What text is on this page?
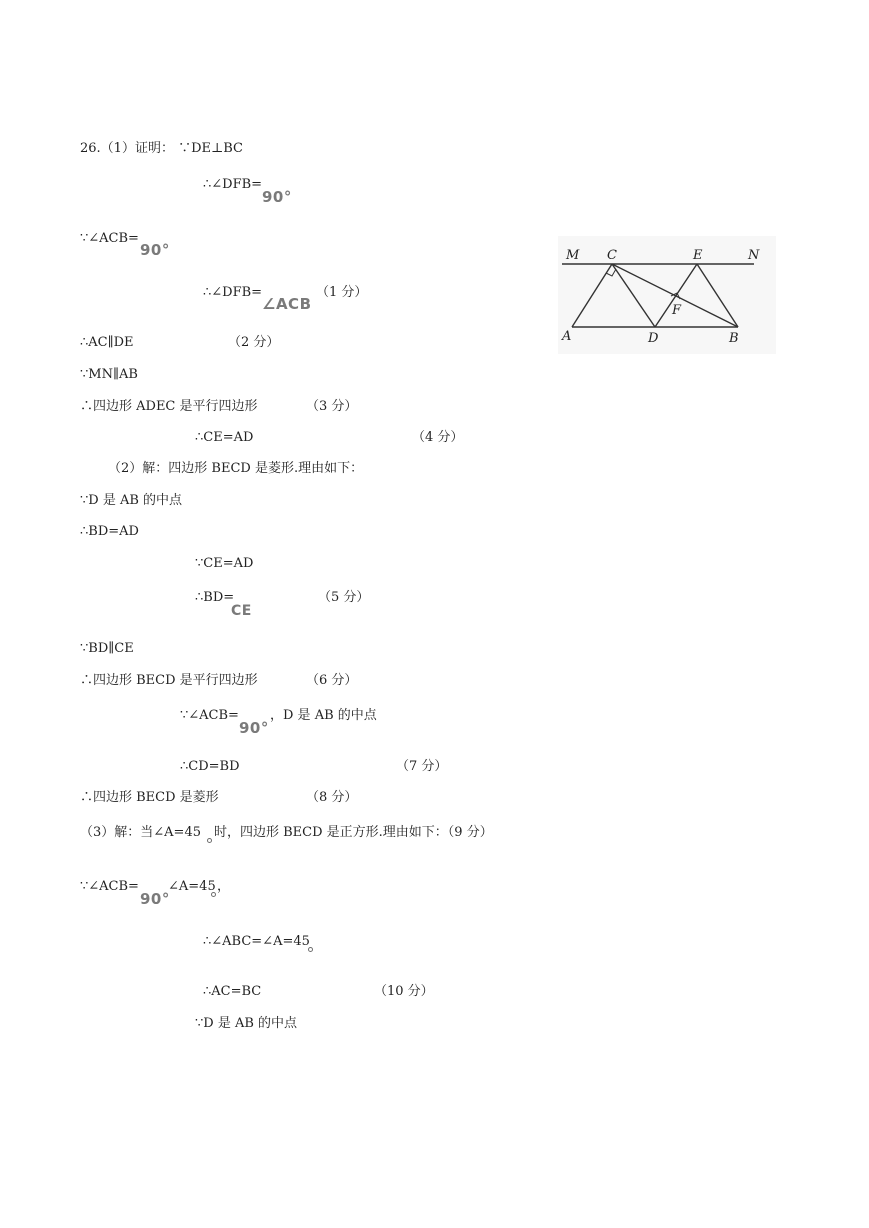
26.（1）证明： ∵DE⊥BC
∴∠DFB=
90°
∵∠ACB=
90°
∴∠DFB=
∠ACB
（1 分）
∴AC∥DE	（2 分）
∵MN∥AB
∴四边形 ADEC 是平行四边形	（3 分）
∴CE=AD	（4 分）
（2）解：四边形 BECD 是菱形.理由如下：
∵D 是 AB 的中点
∴BD=AD
∵CE=AD
∴BD=
CE
（5 分）
∵BD∥CE
∴四边形 BECD 是平行四边形	（6 分）
∵∠ACB=
90°
，D 是 AB 的中点
∴CD=BD	（7 分）
∴四边形 BECD 是菱形	（8 分）
（3）解：当∠A=45 时，四边形 BECD 是正方形.理由如下：（9 分）
∵∠ACB=
90°
∠A=45 ，
∴∠ABC=∠A=45
∴AC=BC	（10 分）
∵D 是 AB 的中点
M C	E	N
F
A	D	B
